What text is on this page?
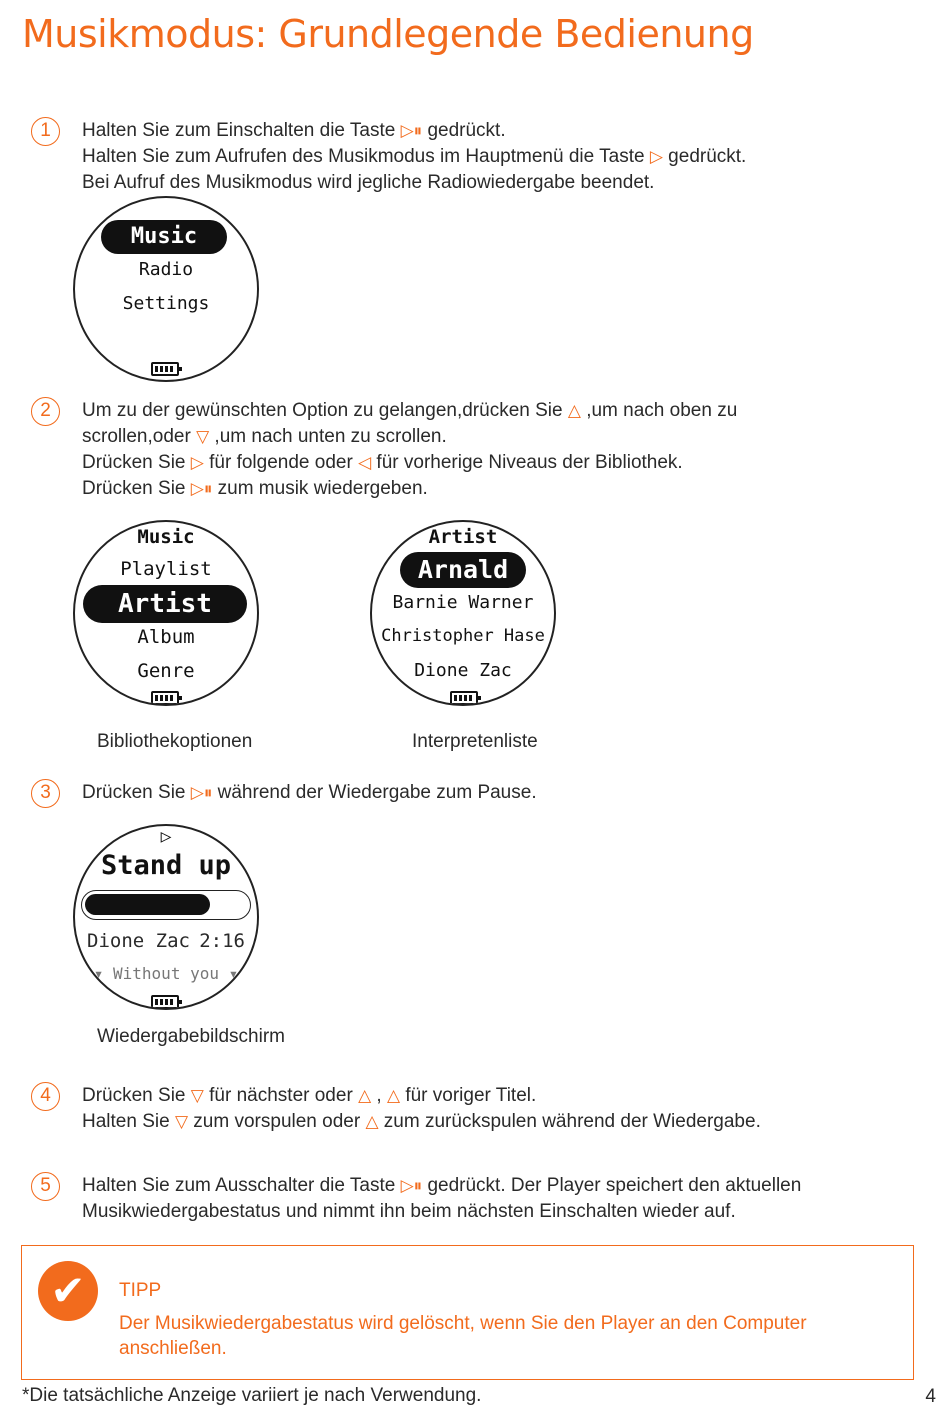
Musikmodus: Grundlegende Bedienung
1	Halten Sie zum Einschalten die Taste ▷⏸ gedrückt.
Halten Sie zum Aufrufen des Musikmodus im Hauptmenü die Taste ▷ gedrückt.
Bei Aufruf des Musikmodus wird jegliche Radiowiedergabe beendet.
Music
Radio
Settings
2	Um zu der gewünschten Option zu gelangen,drücken Sie △ ,um nach oben zu
scrollen,oder ▽ ,um nach unten zu scrollen.
Drücken Sie ▷ für folgende oder ◁ für vorherige Niveaus der Bibliothek.
Drücken Sie ▷⏸ zum musik wiedergeben.
Music
Playlist
Artist
Album
Genre
Bibliothekoptionen
Artist
Arnald
Barnie Warner
Christopher Hase
Dione Zac
Interpretenliste
3	Drücken Sie ▷⏸ während der Wiedergabe zum Pause.
▷
Stand up
Dione Zac 2:16
▾ Without you ▾
Wiedergabebildschirm
4	Drücken Sie ▽ für nächster oder △ , △ für voriger Titel.
Halten Sie ▽ zum vorspulen oder △ zum zurückspulen während der Wiedergabe.
5	Halten Sie zum Ausschalter die Taste ▷⏸ gedrückt. Der Player speichert den aktuellen
Musikwiedergabestatus und nimmt ihn beim nächsten Einschalten wieder auf.
✔	TIPP
Der Musikwiedergabestatus wird gelöscht, wenn Sie den Player an den Computer anschließen.
*Die tatsächliche Anzeige variiert je nach Verwendung.	4
